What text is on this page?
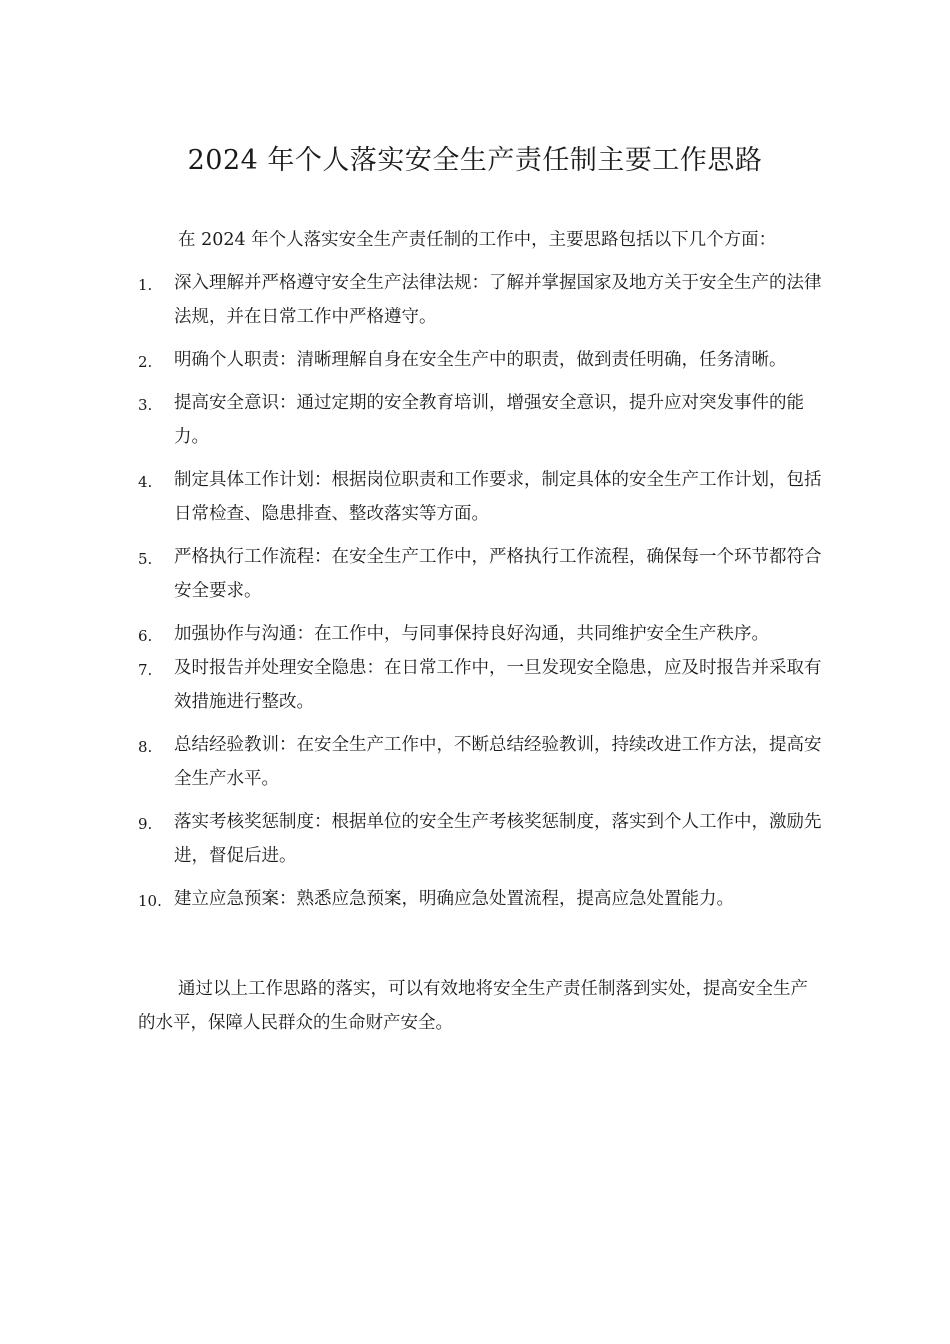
2024 年个人落实安全生产责任制主要工作思路

在 2024 年个人落实安全生产责任制的工作中，主要思路包括以下几个方面：

1. 深入理解并严格遵守安全生产法律法规：了解并掌握国家及地方关于安全生产的法律法规，并在日常工作中严格遵守。
2. 明确个人职责：清晰理解自身在安全生产中的职责，做到责任明确，任务清晰。
3. 提高安全意识：通过定期的安全教育培训，增强安全意识，提升应对突发事件的能力。
4. 制定具体工作计划：根据岗位职责和工作要求，制定具体的安全生产工作计划，包括日常检查、隐患排查、整改落实等方面。
5. 严格执行工作流程：在安全生产工作中，严格执行工作流程，确保每一个环节都符合安全要求。
6. 加强协作与沟通：在工作中，与同事保持良好沟通，共同维护安全生产秩序。
7. 及时报告并处理安全隐患：在日常工作中，一旦发现安全隐患，应及时报告并采取有效措施进行整改。
8. 总结经验教训：在安全生产工作中，不断总结经验教训，持续改进工作方法，提高安全生产水平。
9. 落实考核奖惩制度：根据单位的安全生产考核奖惩制度，落实到个人工作中，激励先进，督促后进。
10. 建立应急预案：熟悉应急预案，明确应急处置流程，提高应急处置能力。

通过以上工作思路的落实，可以有效地将安全生产责任制落到实处，提高安全生产的水平，保障人民群众的生命财产安全。
